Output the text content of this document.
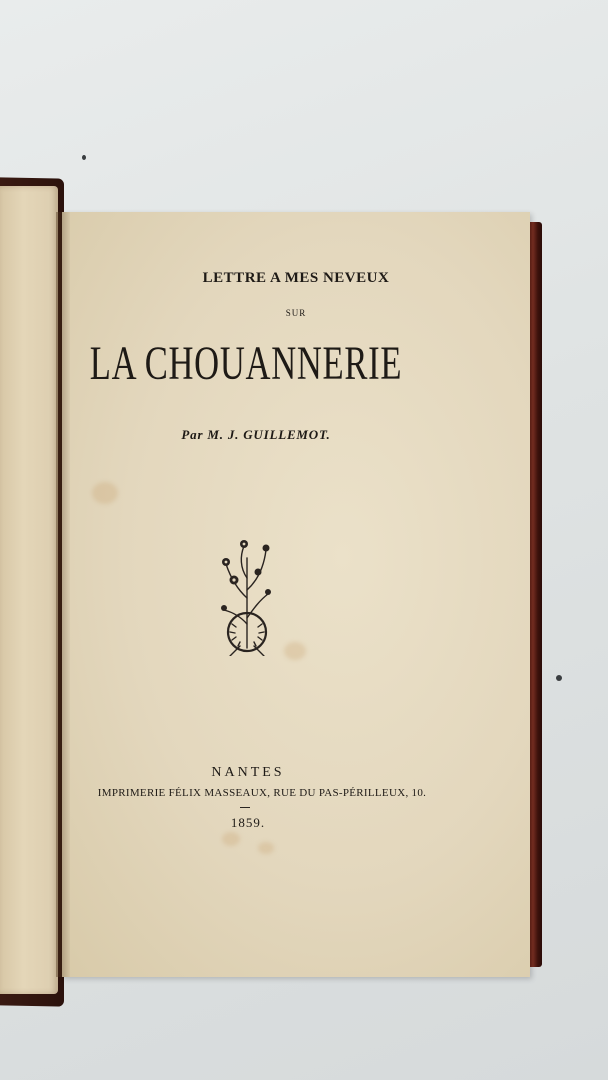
LETTRE A MES NEVEUX

SUR

LA CHOUANNERIE

Par M. J. GUILLEMOT.

NANTES

IMPRIMERIE FÉLIX MASSEAUX, RUE DU PAS-PÉRILLEUX, 10.

1859.
